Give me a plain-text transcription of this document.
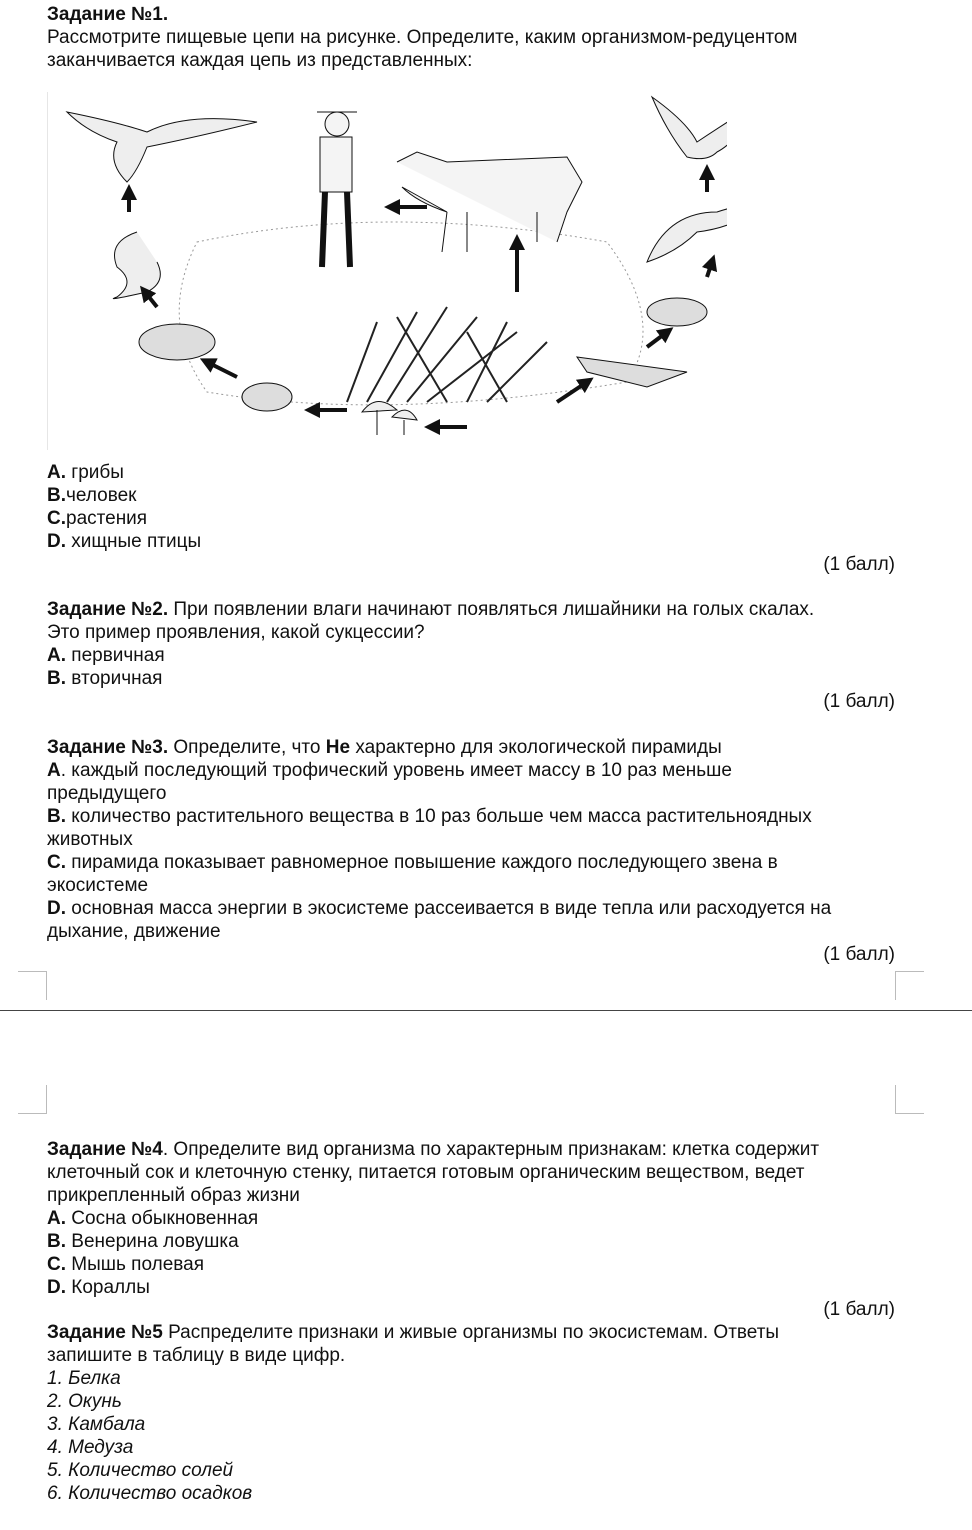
Задание №1.
Рассмотрите пищевые цепи на рисунке. Определите, каким организмом-редуцентом
заканчивается каждая цепь из представленных:
A. грибы
B.человек
C.растения
D. хищные птицы
(1 балл)
Задание №2. При появлении влаги начинают появляться лишайники на голых скалах.
Это пример проявления, какой сукцессии?
A. первичная
B. вторичная
(1 балл)
Задание №3. Определите, что Не характерно для экологической пирамиды
A. каждый последующий трофический уровень имеет массу в 10 раз меньше
предыдущего
B. количество растительного вещества в 10 раз больше чем масса растительноядных
животных
C. пирамида показывает равномерное повышение каждого последующего звена в
экосистеме
D. основная масса энергии в экосистеме рассеивается в виде тепла или расходуется на
дыхание, движение
(1 балл)
Задание №4. Определите вид организма по характерным признакам: клетка содержит
клеточный сок и клеточную стенку, питается готовым органическим веществом, ведет
прикрепленный образ жизни
A. Сосна обыкновенная
B. Венерина ловушка
C. Мышь полевая
D. Кораллы
(1 балл)
Задание №5 Распределите признаки и живые организмы по экосистемам. Ответы
запишите в таблицу в виде цифр.
1. Белка
2. Окунь
3. Камбала
4. Медуза
5. Количество солей
6. Количество осадков
